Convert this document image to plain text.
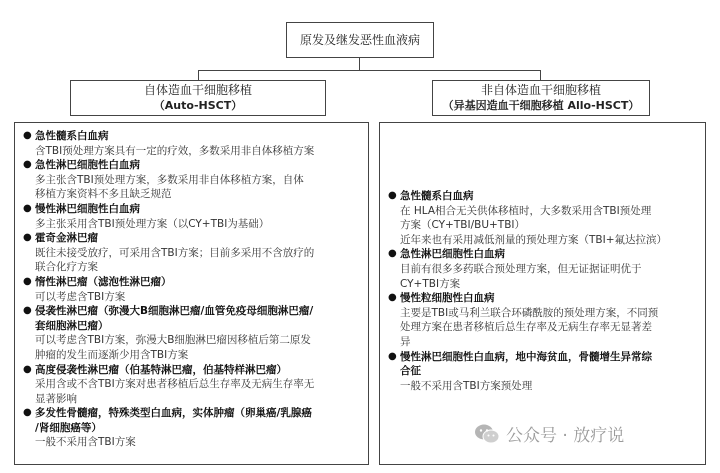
原发及继发恶性血液病
自体造血干细胞移植
（Auto-HSCT）
非自体造血干细胞移植
（异基因造血干细胞移植 Allo-HSCT）
● 急性髓系白血病
含TBI预处理方案具有一定的疗效，多数采用非自体移植方案
● 急性淋巴细胞性白血病
多主张含TBI预处理方案，多数采用非自体移植方案，自体
移植方案资料不多且缺乏规范
● 慢性淋巴细胞性白血病
多主张采用含TBI预处理方案（以CY+TBI为基础）
● 霍奇金淋巴瘤
既往未接受放疗，可采用含TBI方案；目前多采用不含放疗的
联合化疗方案
● 惰性淋巴瘤（滤泡性淋巴瘤）
可以考虑含TBI方案
● 侵袭性淋巴瘤（弥漫大B细胞淋巴瘤/血管免疫母细胞淋巴瘤/
套细胞淋巴瘤）
可以考虑含TBI方案，弥漫大B细胞淋巴瘤因移植后第二原发
肿瘤的发生而逐渐少用含TBI方案
● 高度侵袭性淋巴瘤（伯基特淋巴瘤，伯基特样淋巴瘤）
采用含或不含TBI方案对患者移植后总生存率及无病生存率无
显著影响
● 多发性骨髓瘤，特殊类型白血病，实体肿瘤（卵巢癌/乳腺癌
/肾细胞癌等）
一般不采用含TBI方案
● 急性髓系白血病
在 HLA相合无关供体移植时，大多数采用含TBI预处理
方案（CY+TBI/BU+TBI）
近年来也有采用减低剂量的预处理方案（TBI+氟达拉滨）
● 急性淋巴细胞性白血病
目前有很多多药联合预处理方案，但无证据证明优于
CY+TBI方案
● 慢性粒细胞性白血病
主要是TBI或马利兰联合环磷酰胺的预处理方案，不同预
处理方案在患者移植后总生存率及无病生存率无显著差
异
● 慢性淋巴细胞性白血病，地中海贫血，骨髓增生异常综
合征
一般不采用含TBI方案预处理
公众号 · 放疗说
